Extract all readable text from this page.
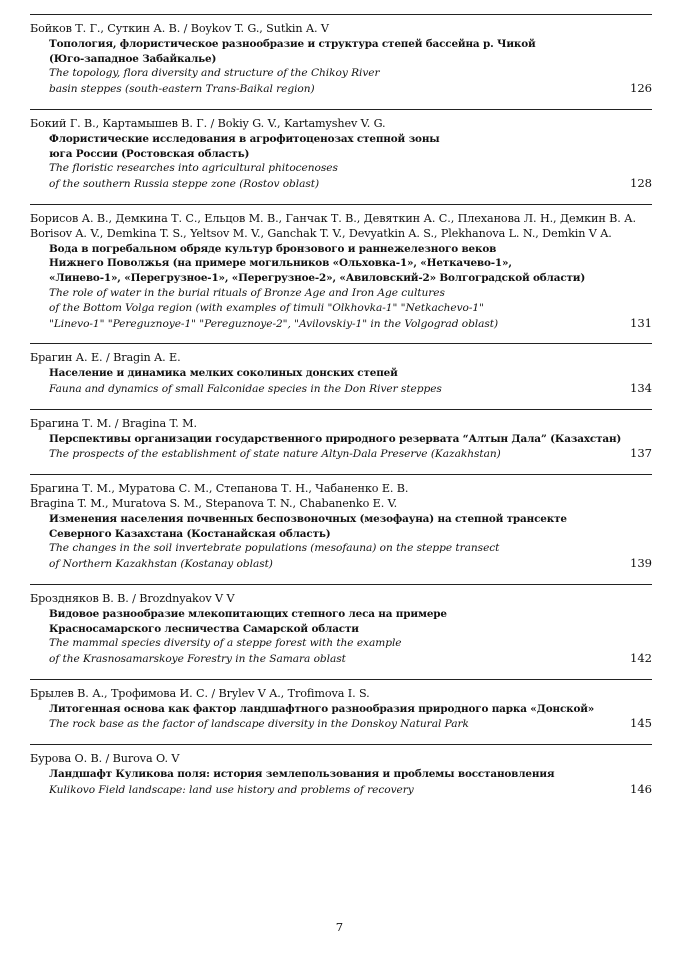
Бойков Т. Г., Суткин А. В. / Boykov T. G., Sutkin A. V
Топология, флористическое разнообразие и структура степей бассейна р. Чикой
(Юго-западное Забайкалье)
The topology, flora diversity and structure of the Chikoy River
basin steppes (south-eastern Trans-Baikal region)	126
Бокий Г. В., Картамышев В. Г. / Bokiy G. V., Kartamyshev V. G.
Флористические исследования в агрофитоценозах степной зоны
юга России (Ростовская область)
The floristic researches into agricultural phitocenoses
of the southern Russia steppe zone (Rostov oblast)	128
Борисов А. В., Демкина Т. С., Ельцов М. В., Ганчак Т. В., Девяткин А. С., Плеханова Л. Н., Демкин В. А.
Borisov A. V., Demkina T. S., Yeltsov M. V., Ganchak T. V., Devyatkin A. S., Plekhanova L. N., Demkin V A.
Вода в погребальном обряде культур бронзового и раннежелезного веков
Нижнего Поволжья (на примере могильников «Ольховка-1», «Неткачево-1»,
«Линево-1», «Перегрузное-1», «Перегрузное-2», «Авиловский-2» Волгоградской области)
The role of water in the burial rituals of Bronze Age and Iron Age cultures
of the Bottom Volga region (with examples of timuli "Olkhovka-1" "Netkachevo-1"
"Linevo-1" "Pereguznoye-1" "Pereguznoye-2", "Avilovskiy-1" in the Volgograd oblast)	131
Брагин А. Е. / Bragin A. E.
Население и динамика мелких соколиных донских степей
Fauna and dynamics of small Falconidae species in the Don River steppes	134
Брагина Т. М. / Bragina T. M.
Перспективы организации государственного природного резервата “Алтын Дала” (Казахстан)
The prospects of the establishment of state nature Altyn-Dala Preserve (Kazakhstan)	137
Брагина Т. М., Муратова С. М., Степанова Т. Н., Чабаненко Е. В.
Bragina T. M., Muratova S. M., Stepanova T. N., Chabanenko E. V.
Изменения населения почвенных беспозвоночных (мезофауна) на степной трансекте
Северного Казахстана (Костанайская область)
The changes in the soil invertebrate populations (mesofauna) on the steppe transect
of Northern Kazakhstan (Kostanay oblast)	139
Брозднякoв В. В. / Brozdnyakov V V
Видовое разнообразие млекопитающих степного леса на примере
Красносамарского лесничества Самарской области
The mammal species diversity of a steppe forest with the example
of the Krasnosamarskoye Forestry in the Samara oblast	142
Брылев В. А., Трофимова И. С. / Brylev V A., Trofimova I. S.
Литогенная основа как фактор ландшафтного разнообразия природного парка «Донской»
The rock base as the factor of landscape diversity in the Donskoy Natural Park	145
Бурова О. В. / Burova O. V
Ландшафт Куликова поля: история землепользования и проблемы восстановления
Kulikovo Field landscape: land use history and problems of recovery	146
7
